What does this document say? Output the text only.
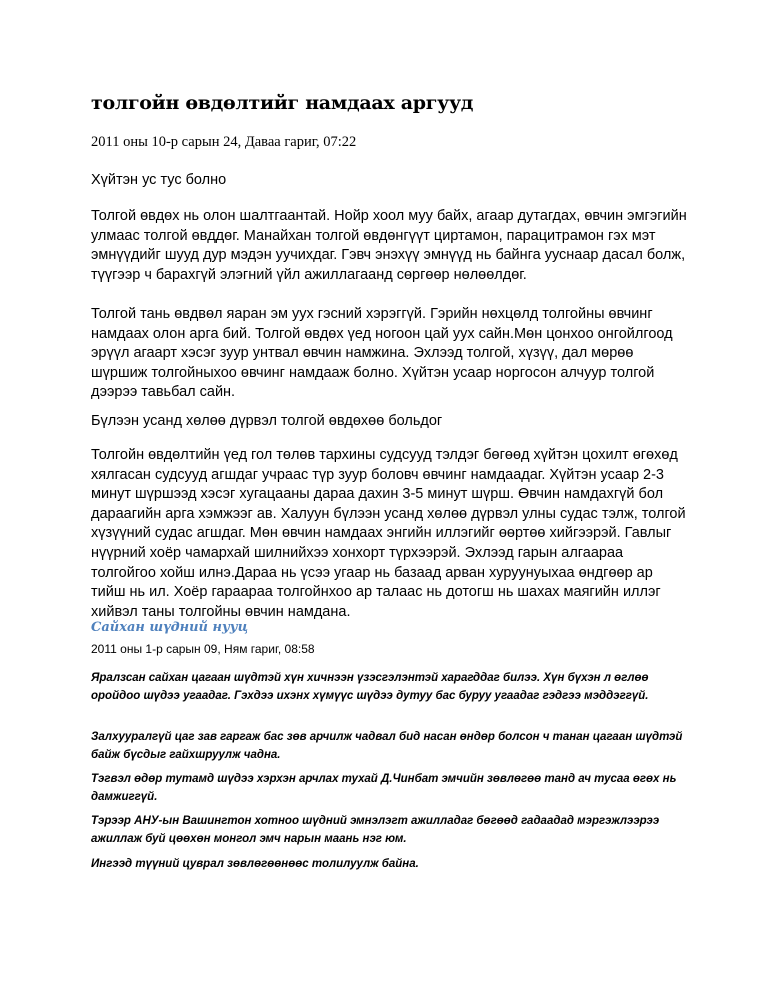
толгойн өвдөлтийг намдаах аргууд

2011 оны 10-р сарын 24, Даваа гариг, 07:22

Хүйтэн ус тус болно

Толгой өвдөх нь олон шалтгаантай. Нойр хоол муу байх, агаар дутагдах, өвчин эмгэгийн улмаас толгой өвддөг. Манайхан толгой өвдөнгүүт циртамон, парацитрамон гэх мэт эмнүүдийг шууд дур мэдэн уучихдаг. Гэвч энэхүү эмнүүд нь байнга ууснаар дасал болж, түүгээр ч барахгүй элэгний үйл ажиллагаанд сөргөөр нөлөөлдөг.

Толгой тань өвдвөл яаран эм уух гэсний хэрэггүй. Гэрийн нөхцөлд толгойны өвчинг намдаах олон арга бий. Толгой өвдөх үед ногоон цай уух сайн.Мөн цонхоо онгойлгоод эрүүл агаарт хэсэг зуур унтвал өвчин намжина. Эхлээд толгой, хүзүү, дал мөрөө шүршиж толгойныхоо өвчинг намдааж болно. Хүйтэн усаар норгосон алчуур толгой дээрээ тавьбал сайн.

Бүлээн усанд хөлөө дүрвэл толгой өвдөхөө больдог

Толгойн өвдөлтийн үед гол төлөв тархины судсууд тэлдэг бөгөөд хүйтэн цохилт өгөхөд хялгасан судсууд агшдаг учраас түр зуур боловч өвчинг намдаадаг. Хүйтэн усаар 2-3 минут шүршээд хэсэг хугацааны дараа дахин 3-5 минут шүрш. Өвчин намдахгүй бол дараагийн арга хэмжээг ав. Халуун бүлээн усанд хөлөө дүрвэл улны судас тэлж, толгой хүзүүний судас агшдаг. Мөн өвчин намдаах энгийн иллэгийг өөртөө хийгээрэй. Гавлыг нүүрний хоёр чамархай шилнийхээ хонхорт түрхээрэй. Эхлээд гарын алгаараа толгойгоо хойш илнэ.Дараа нь үсээ угаар нь базаад арван хуруунуыхаа өндгөөр ар тийш нь ил. Хоёр гараараа толгойнхоо ар талаас нь дотогш нь шахах маягийн иллэг хийвэл таны толгойны өвчин намдана.

Сайхан шүдний нууц

2011 оны 1-р сарын 09, Ням гариг, 08:58

Яралзсан сайхан цагаан шүдтэй хүн хичнээн үзэсгэлэнтэй харагддаг билээ. Хүн бүхэн л өглөө оройдоо шүдээ угаадаг. Гэхдээ ихэнх хүмүүс шүдээ дутуу бас буруу угаадаг гэдгээ мэддэггүй.

Залхууралгүй цаг зав гаргаж бас зөв арчилж чадвал бид насан өндөр болсон ч танан цагаан шүдтэй байж бүсдыг гайхшруулж чадна.

Тэгвэл өдөр тутамд шүдээ хэрхэн арчлах тухай Д.Чинбат эмчийн зөвлөгөө танд ач тусаа өгөх нь дамжиггүй.

Тэрээр АНУ-ын Вашингтон хотноо шүдний эмнэлэгт ажилладаг бөгөөд гадаадад мэргэжлээрээ ажиллаж буй цөөхөн монгол эмч нарын маань нэг юм.

Ингээд түүний цуврал зөвлөгөөнөөс толилуулж байна.
